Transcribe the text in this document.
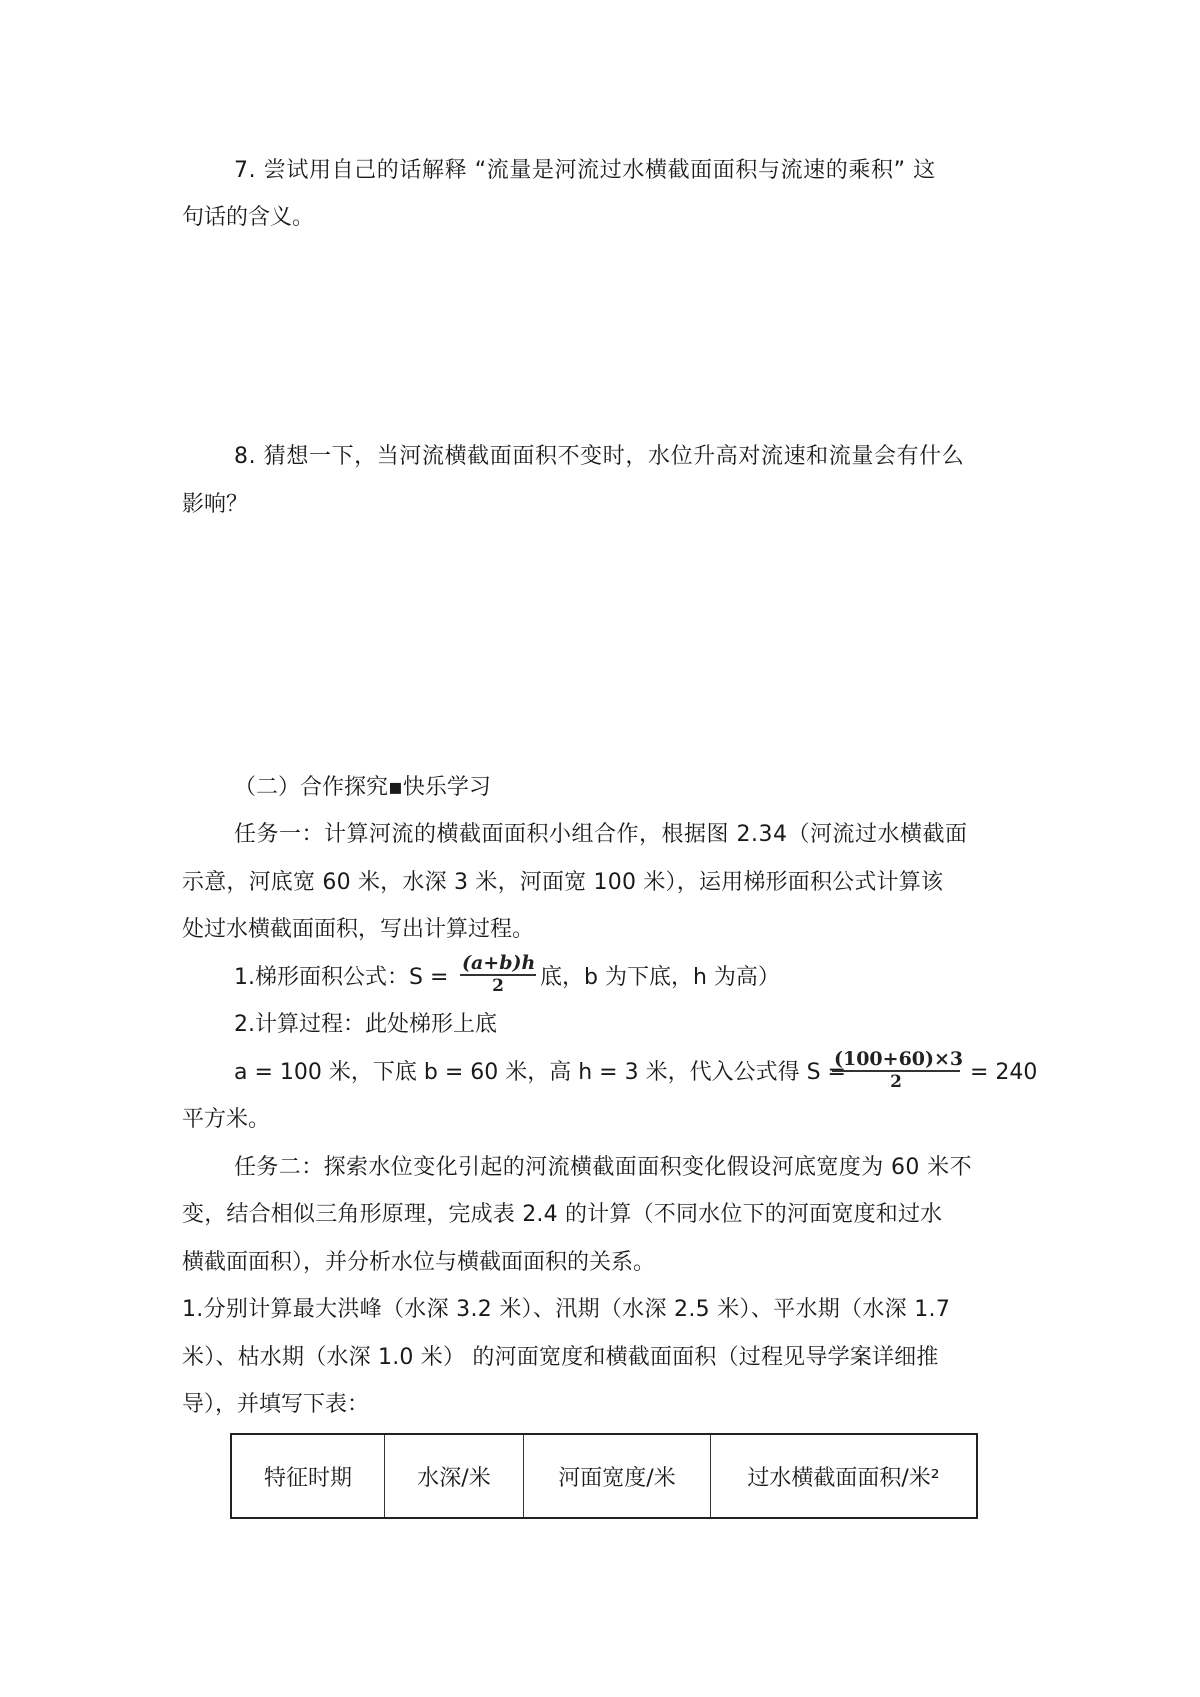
7. 尝试用自己的话解释 “流量是河流过水横截面面积与流速的乘积” 这
句话的含义。
8. 猜想一下，当河流横截面面积不变时，水位升高对流速和流量会有什么
影响？
（二）合作探究▪快乐学习
任务一：计算河流的横截面面积小组合作，根据图 2.34（河流过水横截面
示意，河底宽 60 米，水深 3 米，河面宽 100 米），运用梯形面积公式计算该
处过水横截面面积，写出计算过程。
1.梯形面积公式：$S = \frac{(a+b)h}{2}$ 底，b 为下底，h 为高）
2.计算过程：此处梯形上底
a = 100 米，下底 b = 60 米，高 h = 3 米，代入公式得 S =
$\frac{(100+60)\times 3}{2} = 240$
平方米。
任务二：探索水位变化引起的河流横截面面积变化假设河底宽度为 60 米不
变，结合相似三角形原理，完成表 2.4 的计算（不同水位下的河面宽度和过水
横截面面积），并分析水位与横截面面积的关系。
1.分别计算最大洪峰（水深 3.2 米）、汛期（水深 2.5 米）、平水期（水深 1.7
米）、枯水期（水深 1.0 米） 的河面宽度和横截面面积（过程见导学案详细推
导），并填写下表：
特征时期	水深/米	河面宽度/米	过水横截面面积/米²
